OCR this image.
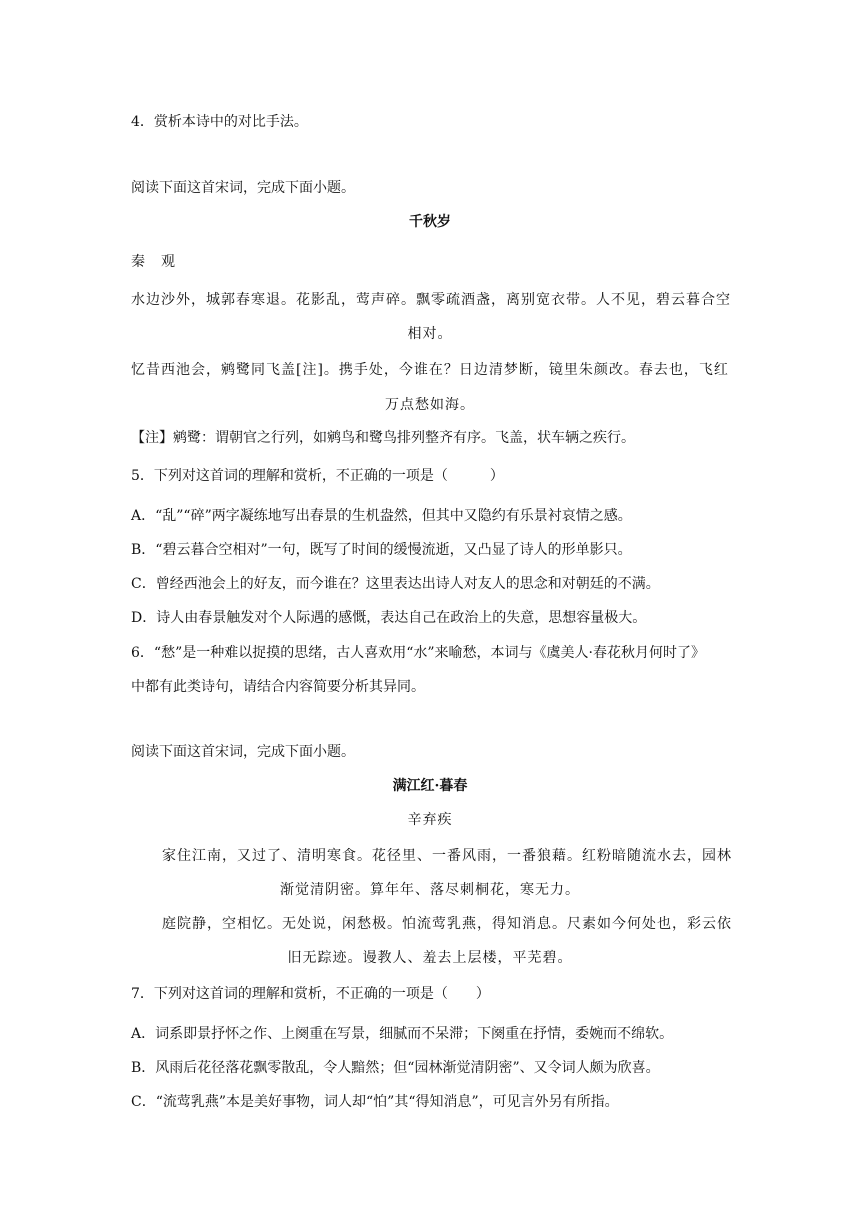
4．赏析本诗中的对比手法。
阅读下面这首宋词，完成下面小题。
千秋岁
秦　观
水边沙外，城郭春寒退。花影乱，莺声碎。飘零疏酒盏，离别宽衣带。人不见，碧云暮合空
相对。
忆昔西池会，鹓鹭同飞盖[注]。携手处，今谁在？日边清梦断，镜里朱颜改。春去也，飞红
万点愁如海。
【注】鹓鹭：谓朝官之行列，如鹓鸟和鹭鸟排列整齐有序。飞盖，状车辆之疾行。
5．下列对这首词的理解和赏析，不正确的一项是（　　　）
A．“乱”“碎”两字凝练地写出春景的生机盎然，但其中又隐约有乐景衬哀情之感。
B．“碧云暮合空相对”一句，既写了时间的缓慢流逝，又凸显了诗人的形单影只。
C．曾经西池会上的好友，而今谁在？这里表达出诗人对友人的思念和对朝廷的不满。
D．诗人由春景触发对个人际遇的感慨，表达自己在政治上的失意，思想容量极大。
6．“愁”是一种难以捉摸的思绪，古人喜欢用“水”来喻愁，本词与《虞美人·春花秋月何时了》
中都有此类诗句，请结合内容简要分析其异同。
阅读下面这首宋词，完成下面小题。
满江红·暮春
辛弃疾
家住江南，又过了、清明寒食。花径里、一番风雨，一番狼藉。红粉暗随流水去，园林
渐觉清阴密。算年年、落尽刺桐花，寒无力。
庭院静，空相忆。无处说，闲愁极。怕流莺乳燕，得知消息。尺素如今何处也，彩云依
旧无踪迹。谩教人、羞去上层楼，平芜碧。
7．下列对这首词的理解和赏析，不正确的一项是（　　）
A．词系即景抒怀之作、上阕重在写景，细腻而不呆滞；下阕重在抒情，委婉而不绵软。
B．风雨后花径落花飘零散乱，令人黯然；但“园林渐觉清阴密”、又令词人颇为欣喜。
C．“流莺乳燕”本是美好事物，词人却“怕”其“得知消息”，可见言外另有所指。
